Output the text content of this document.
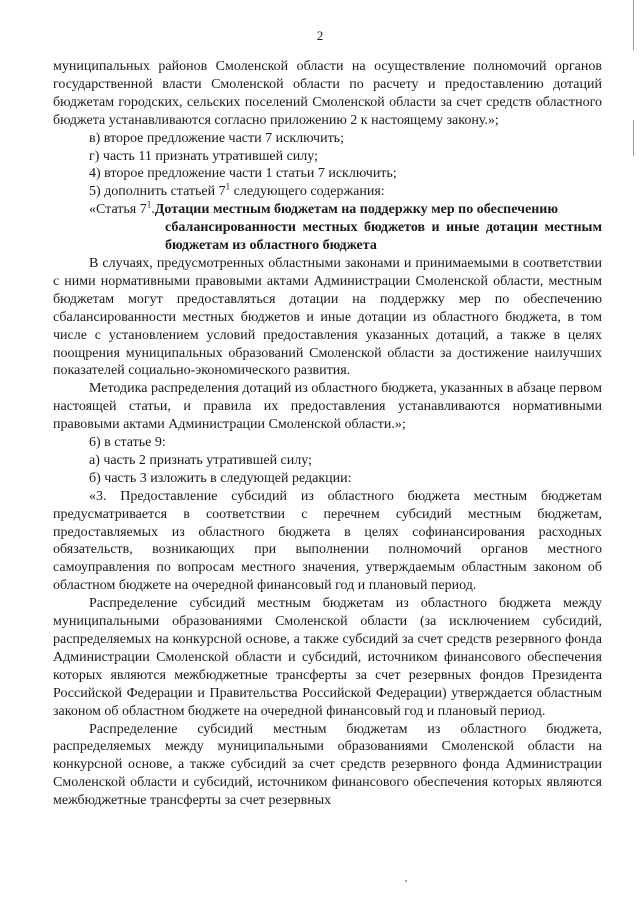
2

муниципальных районов Смоленской области на осуществление полномочий органов государственной власти Смоленской области по расчету и предоставлению дотаций бюджетам городских, сельских поселений Смоленской области за счет средств областного бюджета устанавливаются согласно приложению 2 к настоящему закону.»;

в) второе предложение части 7 исключить;

г) часть 11 признать утратившей силу;

4) второе предложение части 1 статьи 7 исключить;

5) дополнить статьей $7^1$ следующего содержания:

«Статья $7^1$. Дотации местным бюджетам на поддержку мер по обеспечению
сбалансированности местных бюджетов и иные дотации местным бюджетам из областного бюджета

В случаях, предусмотренных областными законами и принимаемыми в соответствии с ними нормативными правовыми актами Администрации Смоленской области, местным бюджетам могут предоставляться дотации на поддержку мер по обеспечению сбалансированности местных бюджетов и иные дотации из областного бюджета, в том числе с установлением условий предоставления указанных дотаций, а также в целях поощрения муниципальных образований Смоленской области за достижение наилучших показателей социально-экономического развития.

Методика распределения дотаций из областного бюджета, указанных в абзаце первом настоящей статьи, и правила их предоставления устанавливаются нормативными правовыми актами Администрации Смоленской области.»;

6) в статье 9:

а) часть 2 признать утратившей силу;

б) часть 3 изложить в следующей редакции:

«3. Предоставление субсидий из областного бюджета местным бюджетам предусматривается в соответствии с перечнем субсидий местным бюджетам, предоставляемых из областного бюджета в целях софинансирования расходных обязательств, возникающих при выполнении полномочий органов местного самоуправления по вопросам местного значения, утверждаемым областным законом об областном бюджете на очередной финансовый год и плановый период.

Распределение субсидий местным бюджетам из областного бюджета между муниципальными образованиями Смоленской области (за исключением субсидий, распределяемых на конкурсной основе, а также субсидий за счет средств резервного фонда Администрации Смоленской области и субсидий, источником финансового обеспечения которых являются межбюджетные трансферты за счет резервных фондов Президента Российской Федерации и Правительства Российской Федерации) утверждается областным законом об областном бюджете на очередной финансовый год и плановый период.

Распределение субсидий местным бюджетам из областного бюджета, распределяемых между муниципальными образованиями Смоленской области на конкурсной основе, а также субсидий за счет средств резервного фонда Администрации Смоленской области и субсидий, источником финансового обеспечения которых являются межбюджетные трансферты за счет резервных
